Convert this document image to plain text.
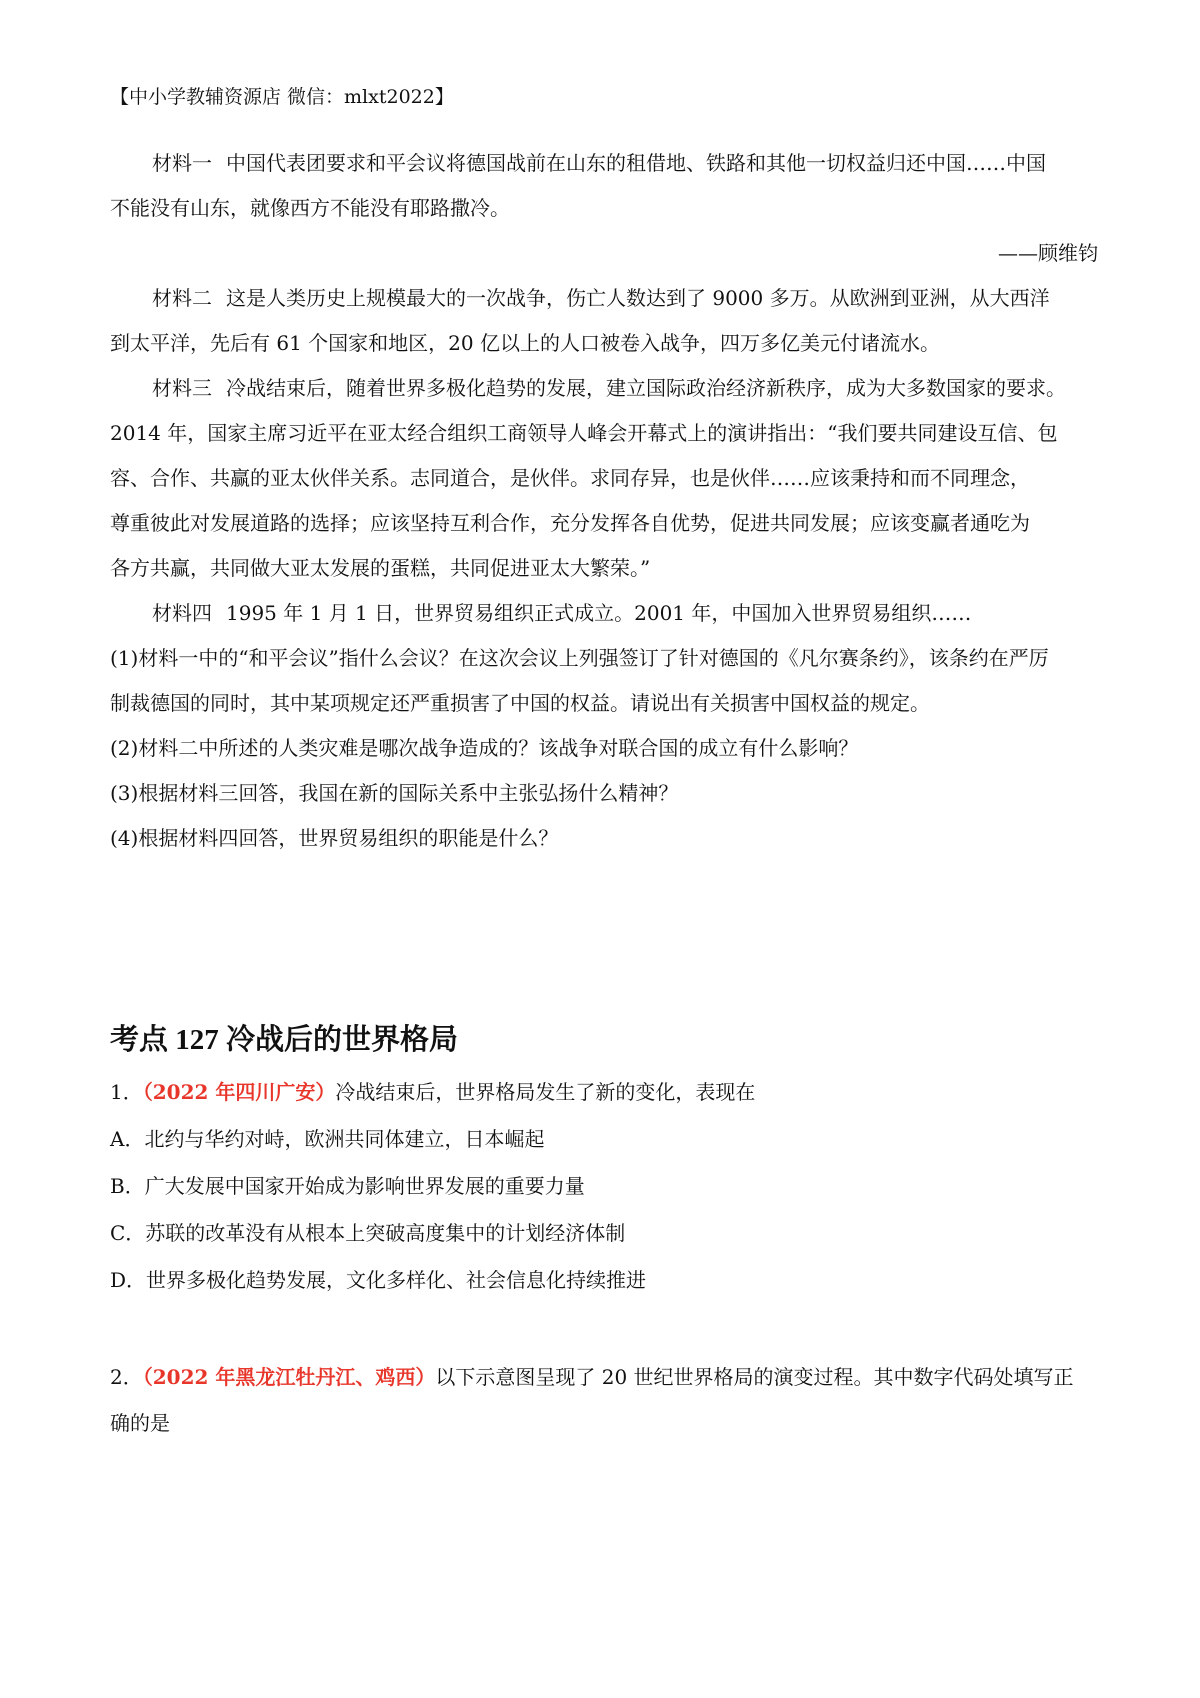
【中小学教辅资源店 微信：mlxt2022】
材料一 中国代表团要求和平会议将德国战前在山东的租借地、铁路和其他一切权益归还中国……中国
不能没有山东，就像西方不能没有耶路撒冷。
——顾维钧
材料二 这是人类历史上规模最大的一次战争，伤亡人数达到了 9000 多万。从欧洲到亚洲，从大西洋
到太平洋，先后有 61 个国家和地区，20 亿以上的人口被卷入战争，四万多亿美元付诸流水。
材料三 冷战结束后，随着世界多极化趋势的发展，建立国际政治经济新秩序，成为大多数国家的要求。
2014 年，国家主席习近平在亚太经合组织工商领导人峰会开幕式上的演讲指出：“我们要共同建设互信、包
容、合作、共赢的亚太伙伴关系。志同道合，是伙伴。求同存异，也是伙伴……应该秉持和而不同理念，
尊重彼此对发展道路的选择；应该坚持互利合作，充分发挥各自优势，促进共同发展；应该变赢者通吃为
各方共赢，共同做大亚太发展的蛋糕，共同促进亚太大繁荣。”
材料四 1995 年 1 月 1 日，世界贸易组织正式成立。2001 年，中国加入世界贸易组织……
(1)材料一中的“和平会议”指什么会议？在这次会议上列强签订了针对德国的《凡尔赛条约》，该条约在严厉
制裁德国的同时，其中某项规定还严重损害了中国的权益。请说出有关损害中国权益的规定。
(2)材料二中所述的人类灾难是哪次战争造成的？该战争对联合国的成立有什么影响？
(3)根据材料三回答，我国在新的国际关系中主张弘扬什么精神？
(4)根据材料四回答，世界贸易组织的职能是什么？
考点 127 冷战后的世界格局
1．（2022 年四川广安）冷战结束后，世界格局发生了新的变化，表现在
A．北约与华约对峙，欧洲共同体建立，日本崛起
B．广大发展中国家开始成为影响世界发展的重要力量
C．苏联的改革没有从根本上突破高度集中的计划经济体制
D．世界多极化趋势发展，文化多样化、社会信息化持续推进
2．（2022 年黑龙江牡丹江、鸡西）以下示意图呈现了 20 世纪世界格局的演变过程。其中数字代码处填写正
确的是
